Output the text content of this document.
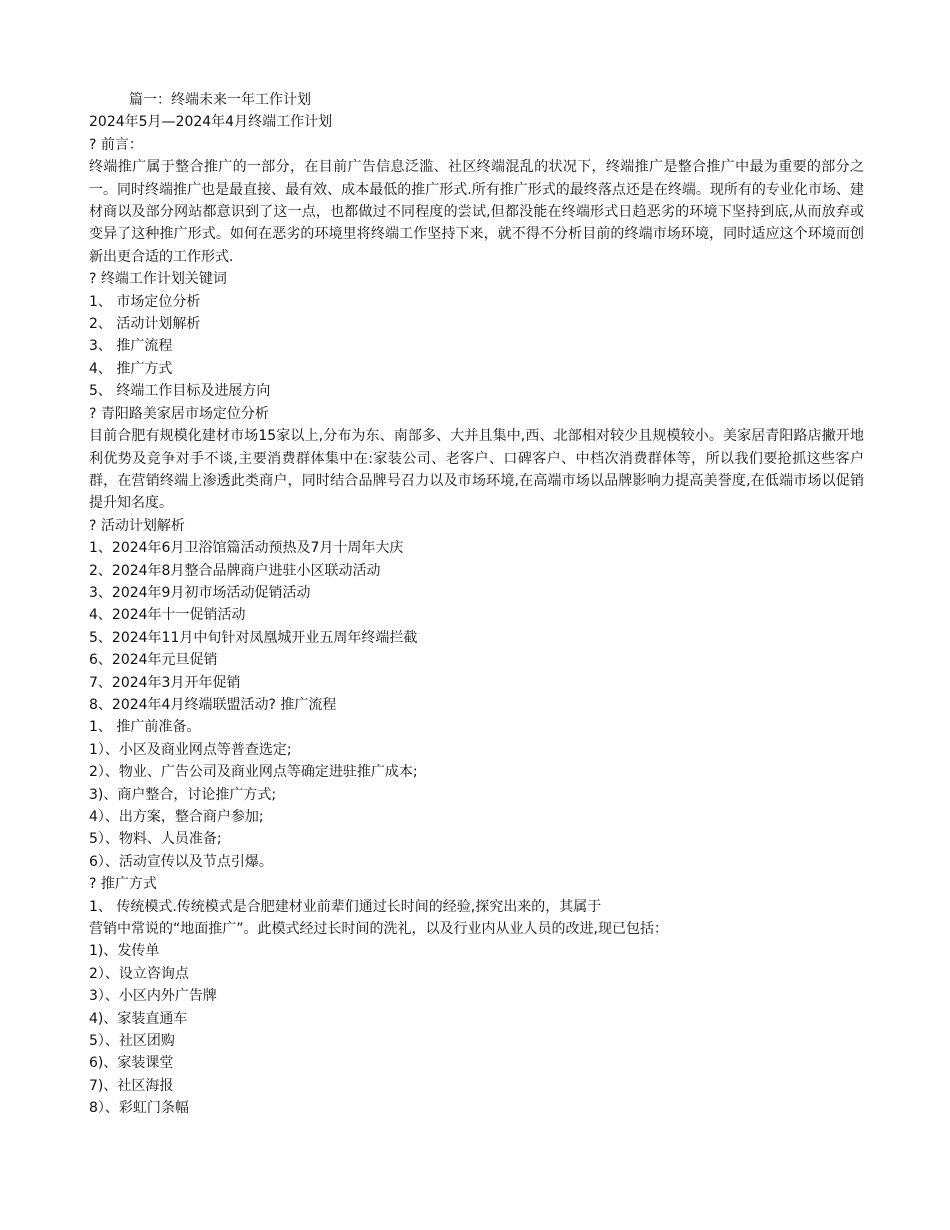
篇一：终端未来一年工作计划

2024年5月—2024年4月终端工作计划

? 前言：

终端推广属于整合推广的一部分，在目前广告信息泛滥、社区终端混乱的状况下，终端推广是整合推广中最为重要的部分之一。同时终端推广也是最直接、最有效、成本最低的推广形式.所有推广形式的最终落点还是在终端。现所有的专业化市场、建材商以及部分网站都意识到了这一点，也都做过不同程度的尝试,但都没能在终端形式日趋恶劣的环境下坚持到底,从而放弃或变异了这种推广形式。如何在恶劣的环境里将终端工作坚持下来，就不得不分析目前的终端市场环境，同时适应这个环境而创新出更合适的工作形式.

? 终端工作计划关键词

1、 市场定位分析

2、 活动计划解析

3、 推广流程

4、 推广方式

5、 终端工作目标及进展方向

? 青阳路美家居市场定位分析

目前合肥有规模化建材市场15家以上,分布为东、南部多、大并且集中,西、北部相对较少且规模较小。美家居青阳路店撇开地利优势及竞争对手不谈,主要消费群体集中在:家装公司、老客户、口碑客户、中档次消费群体等，所以我们要抢抓这些客户群，在营销终端上渗透此类商户，同时结合品牌号召力以及市场环境,在高端市场以品牌影响力提高美誉度,在低端市场以促销提升知名度。

? 活动计划解析

1、2024年6月卫浴馆篇活动预热及7月十周年大庆

2、2024年8月整合品牌商户进驻小区联动活动

3、2024年9月初市场活动促销活动

4、2024年十一促销活动

5、2024年11月中旬针对凤凰城开业五周年终端拦截

6、2024年元旦促销

7、2024年3月开年促销

8、2024年4月终端联盟活动? 推广流程

1、 推广前准备。

1）、小区及商业网点等普查选定;

2）、物业、广告公司及商业网点等确定进驻推广成本;

3)、商户整合，讨论推广方式;

4）、出方案，整合商户参加;

5）、物料、人员准备;

6）、活动宣传以及节点引爆。

? 推广方式

1、 传统模式.传统模式是合肥建材业前辈们通过长时间的经验,探究出来的，其属于

营销中常说的“地面推广”。此模式经过长时间的洗礼，以及行业内从业人员的改进,现已包括：

1)、发传单

2）、设立咨询点

3）、小区内外广告牌

4)、家装直通车

5）、社区团购

6)、家装课堂

7)、社区海报

8）、彩虹门条幅
